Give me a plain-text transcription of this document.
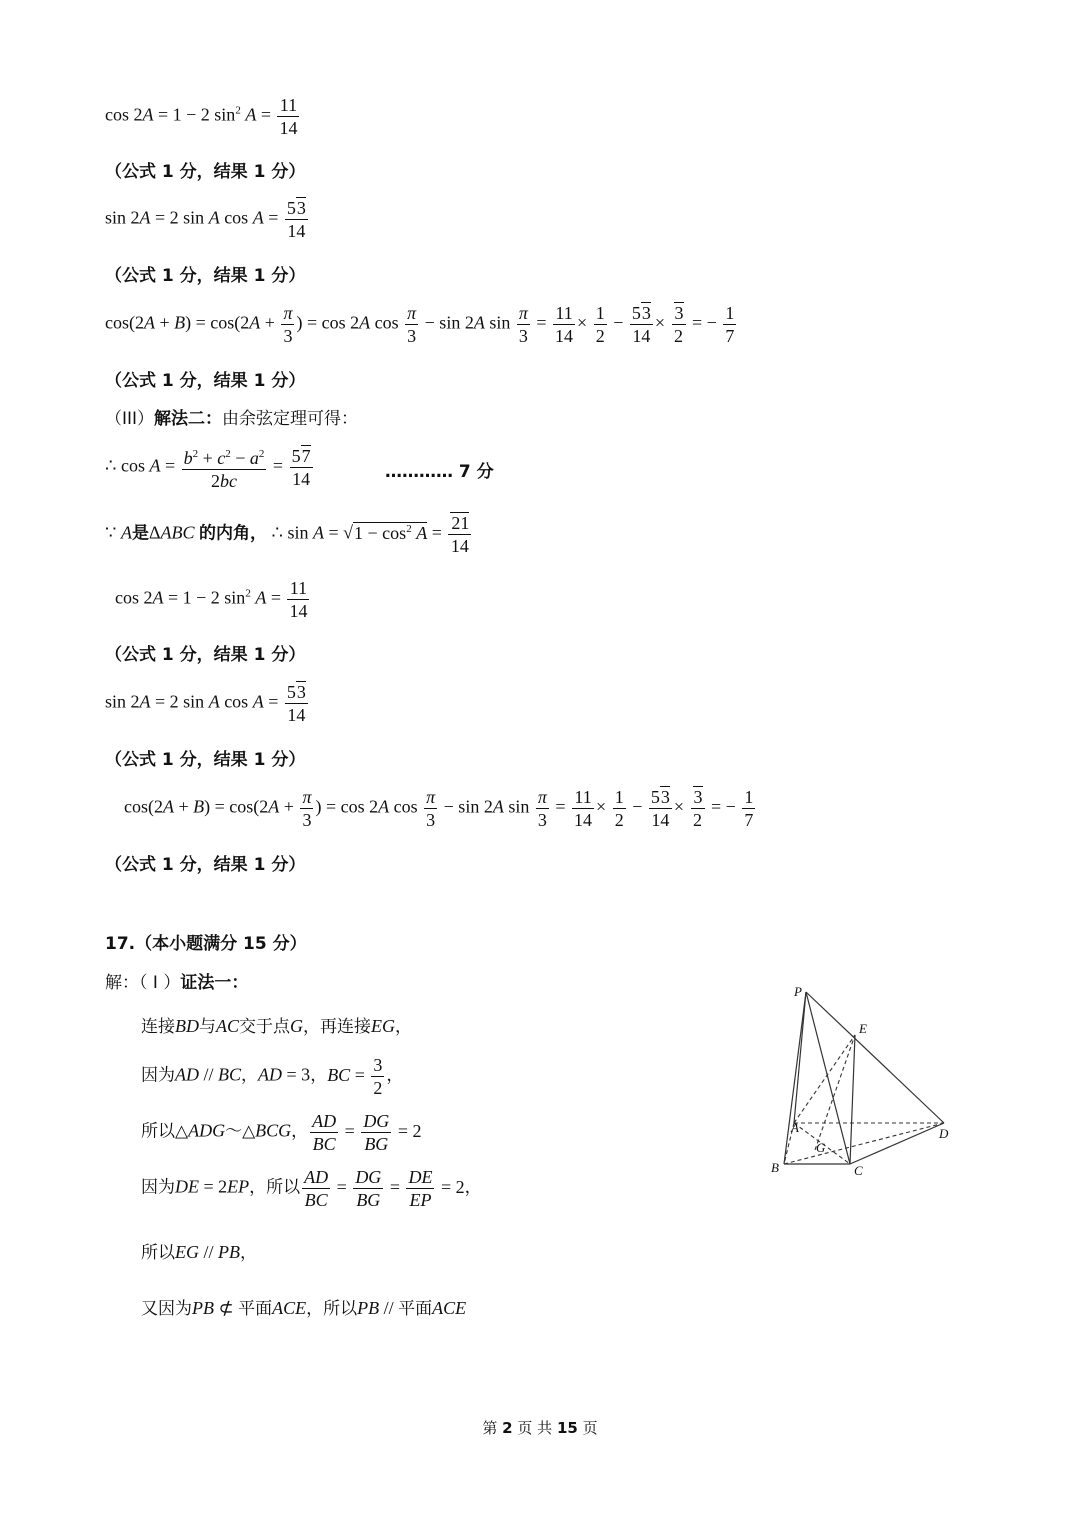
cos 2A = 1 − 2 $\sin^2 A = \frac{11}{14}$
（公式 1 分，结果 1 分）
sin 2A = 2 sin A $\cos A = \frac{53}{14}$
（公式 1 分，结果 1 分）
$\cos(2A + B) = \cos(2A + \frac{\pi}{3}$ ) = cos 2A $\cos \frac{\pi}{3} - \sin 2A$ $\sin \frac{\pi}{3} = \frac{11}{14} \times \frac{1}{2} - \frac{53}{14} \times \frac{3}{2}$ = − $\frac{1}{7}$
（公式 1 分，结果 1 分）
（III）解法二：由余弦定理可得：
∴ $\cos A = \frac{b^2 + c^2 - a^2}{2bc} = \frac{57}{14}$	………… 7 分
∵ A是ΔABC 的内角， ∴ $\sin A = √1 - \cos^2 A = \frac{21}{14}$
cos 2A = 1 − 2 $\sin^2 A = \frac{11}{14}$
（公式 1 分，结果 1 分）
sin 2A = 2 sin A $\cos A = \frac{53}{14}$
（公式 1 分，结果 1 分）
$\cos(2A + B) = \cos(2A + \frac{\pi}{3}$ ) = cos 2A $\cos \frac{\pi}{3} - \sin 2A$ $\sin \frac{\pi}{3} = \frac{11}{14} \times \frac{1}{2} - \frac{53}{14} \times \frac{3}{2}$ = − $\frac{1}{7}$
（公式 1 分，结果 1 分）
17.（本小题满分 15 分）
解：（ I ）证法一：
连接BD与AC交于点G，再连接EG，
因为AD // BC，AD = 3，BC = $\frac{3}{2}$ ，
所以△ADG～△BCG， $\frac{AD}{BC} = \frac{DG}{BG} = 2$
因为DE = 2EP，所以 $\frac{AD}{BC} = \frac{DG}{BG} = \frac{DE}{EP} = 2$，
所以EG // PB，
又因为PB ⊄ 平面ACE，所以PB // 平面ACE
P
E
A
G
D
B	C
第 2 页 共 15 页
